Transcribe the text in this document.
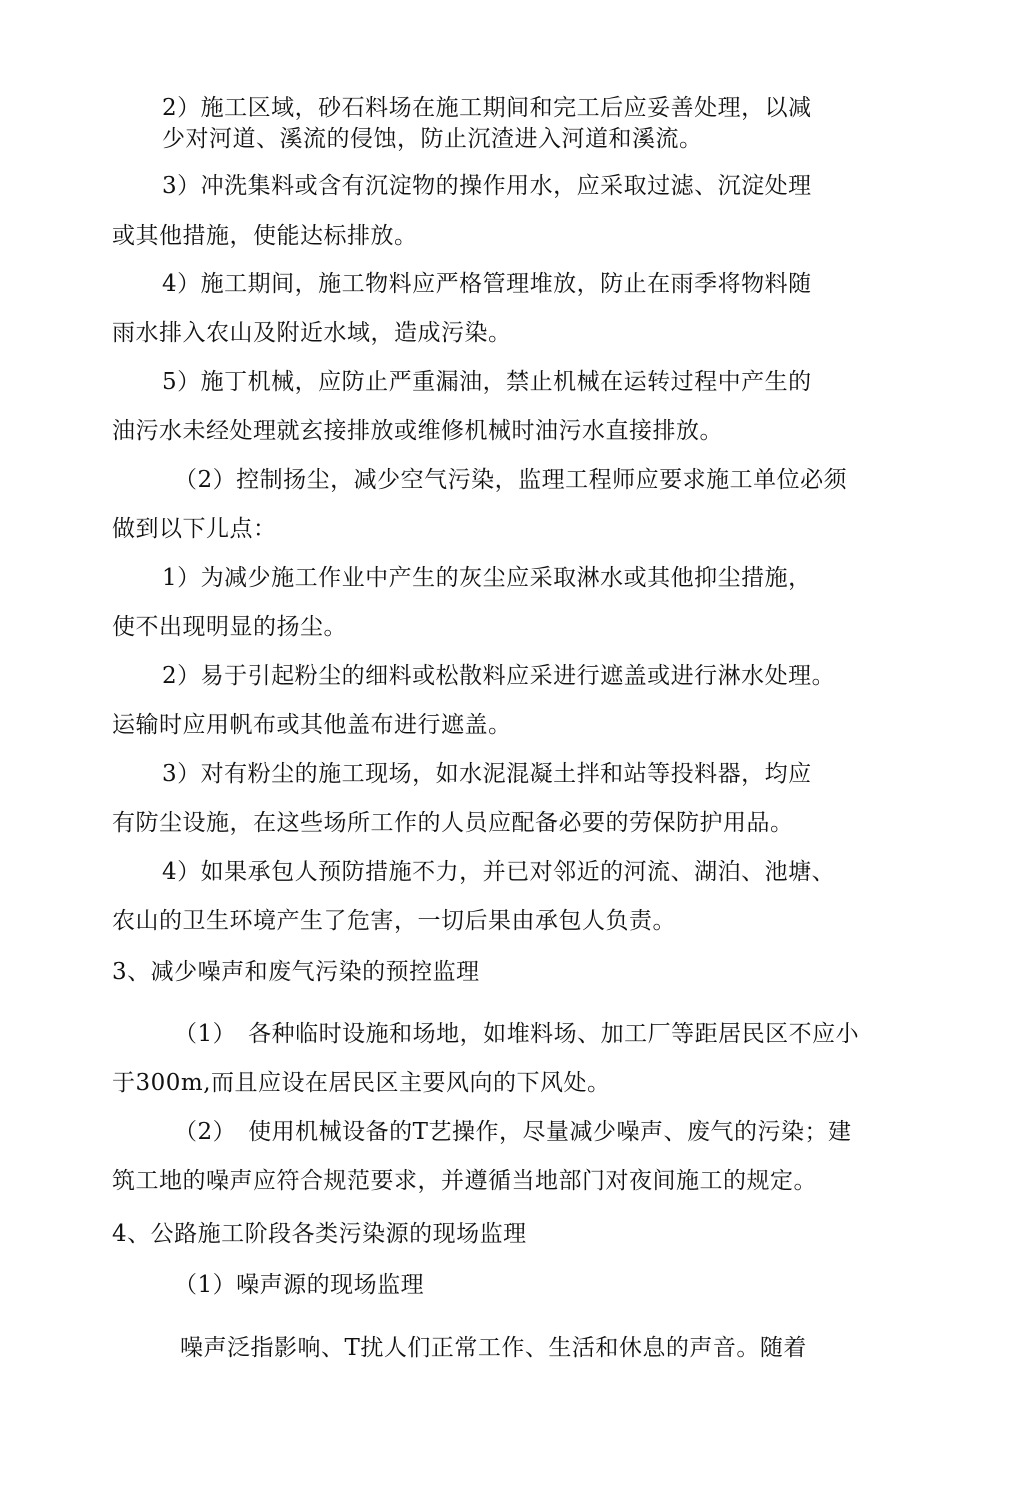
2）施工区域，砂石料场在施工期间和完工后应妥善处理，以减
少对河道、溪流的侵蚀，防止沉渣进入河道和溪流。
3）冲洗集料或含有沉淀物的操作用水，应采取过滤、沉淀处理
或其他措施，使能达标排放。
4）施工期间，施工物料应严格管理堆放，防止在雨季将物料随
雨水排入农山及附近水域，造成污染。
5）施丁机械，应防止严重漏油，禁止机械在运转过程中产生的
油污水未经处理就玄接排放或维修机械时油污水直接排放。
（2）控制扬尘，减少空气污染，监理工程师应要求施工单位必须
做到以下儿点：
1）为减少施工作业中产生的灰尘应采取淋水或其他抑尘措施，
使不出现明显的扬尘。
2）易于引起粉尘的细料或松散料应采进行遮盖或进行淋水处理。
运输时应用帆布或其他盖布进行遮盖。
3）对有粉尘的施工现场，如水泥混凝土拌和站等投料器，均应
有防尘设施，在这些场所工作的人员应配备必要的劳保防护用品。
4）如果承包人预防措施不力，并已对邻近的河流、湖泊、池塘、
农山的卫生环境产生了危害，一切后果由承包人负责。
3、减少噪声和废气污染的预控监理
（1）　各种临时设施和场地，如堆料场、加工厂等距居民区不应小
于300m,而且应设在居民区主要风向的下风处。
（2）　使用机械设备的T艺操作，尽量减少噪声、废气的污染；建
筑工地的噪声应符合规范要求，并遵循当地部门对夜间施工的规定。
4、公路施工阶段各类污染源的现场监理
（1）噪声源的现场监理
噪声泛指影响、T扰人们正常工作、生活和休息的声音。随着
